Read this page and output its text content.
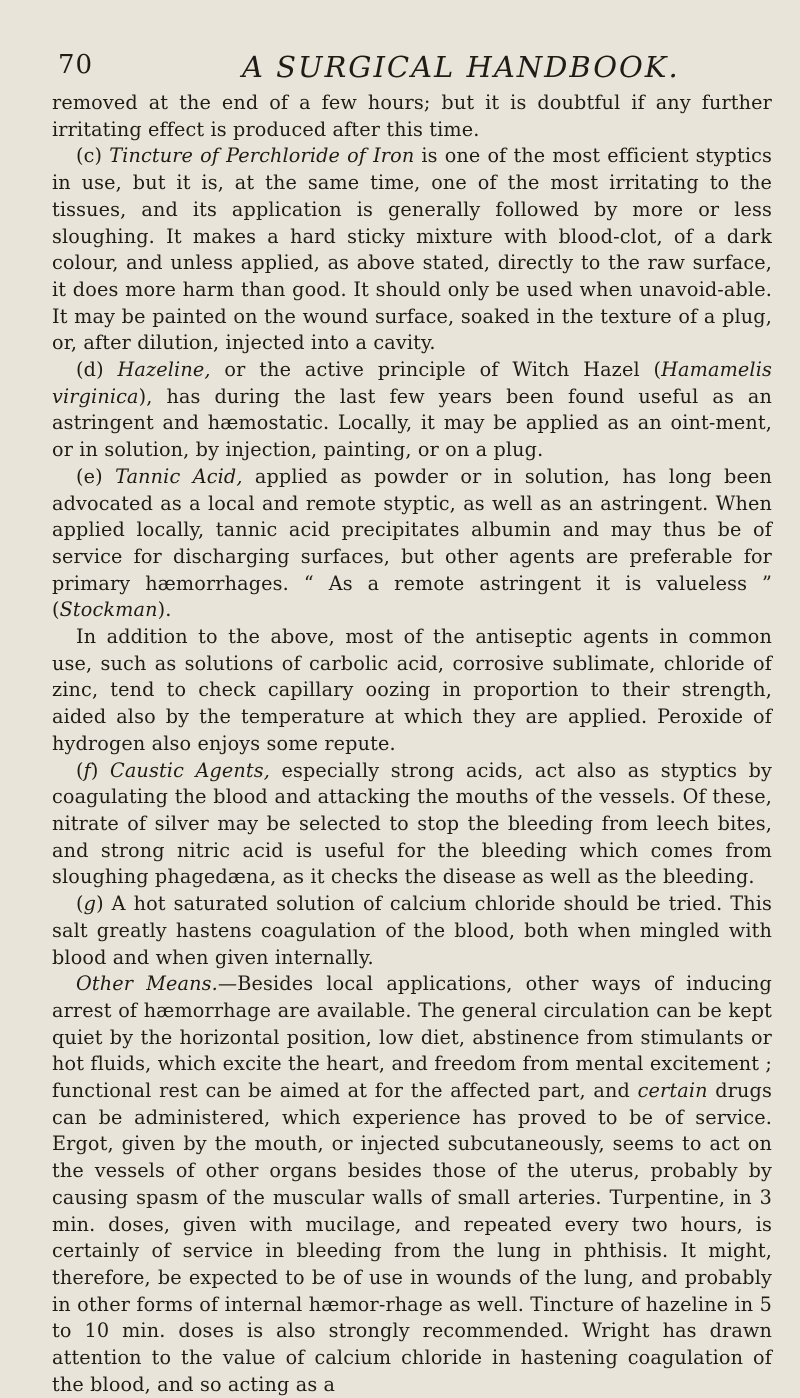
70	A SURGICAL HANDBOOK.

removed at the end of a few hours; but it is doubtful if any further irritating effect is produced after this time.

(c) Tincture of Perchloride of Iron is one of the most efficient styptics in use, but it is, at the same time, one of the most irritating to the tissues, and its application is generally followed by more or less sloughing. It makes a hard sticky mixture with blood-clot, of a dark colour, and unless applied, as above stated, directly to the raw surface, it does more harm than good. It should only be used when unavoid-able. It may be painted on the wound surface, soaked in the texture of a plug, or, after dilution, injected into a cavity.

(d) Hazeline, or the active principle of Witch Hazel (Hamamelis virginica), has during the last few years been found useful as an astringent and hæmostatic. Locally, it may be applied as an oint-ment, or in solution, by injection, painting, or on a plug.

(e) Tannic Acid, applied as powder or in solution, has long been advocated as a local and remote styptic, as well as an astringent. When applied locally, tannic acid precipitates albumin and may thus be of service for discharging surfaces, but other agents are preferable for primary hæmorrhages. “ As a remote astringent it is valueless ” (Stockman).

In addition to the above, most of the antiseptic agents in common use, such as solutions of carbolic acid, corrosive sublimate, chloride of zinc, tend to check capillary oozing in proportion to their strength, aided also by the temperature at which they are applied. Peroxide of hydrogen also enjoys some repute.

(f) Caustic Agents, especially strong acids, act also as styptics by coagulating the blood and attacking the mouths of the vessels. Of these, nitrate of silver may be selected to stop the bleeding from leech bites, and strong nitric acid is useful for the bleeding which comes from sloughing phagedæna, as it checks the disease as well as the bleeding.

(g) A hot saturated solution of calcium chloride should be tried. This salt greatly hastens coagulation of the blood, both when mingled with blood and when given internally.

Other Means.—Besides local applications, other ways of inducing arrest of hæmorrhage are available. The general circulation can be kept quiet by the horizontal position, low diet, abstinence from stimulants or hot fluids, which excite the heart, and freedom from mental excitement ; functional rest can be aimed at for the affected part, and certain drugs can be administered, which experience has proved to be of service. Ergot, given by the mouth, or injected subcutaneously, seems to act on the vessels of other organs besides those of the uterus, probably by causing spasm of the muscular walls of small arteries. Turpentine, in 3 min. doses, given with mucilage, and repeated every two hours, is certainly of service in bleeding from the lung in phthisis. It might, therefore, be expected to be of use in wounds of the lung, and probably in other forms of internal hæmor-rhage as well. Tincture of hazeline in 5 to 10 min. doses is also strongly recommended. Wright has drawn attention to the value of calcium chloride in hastening coagulation of the blood, and so acting as a
